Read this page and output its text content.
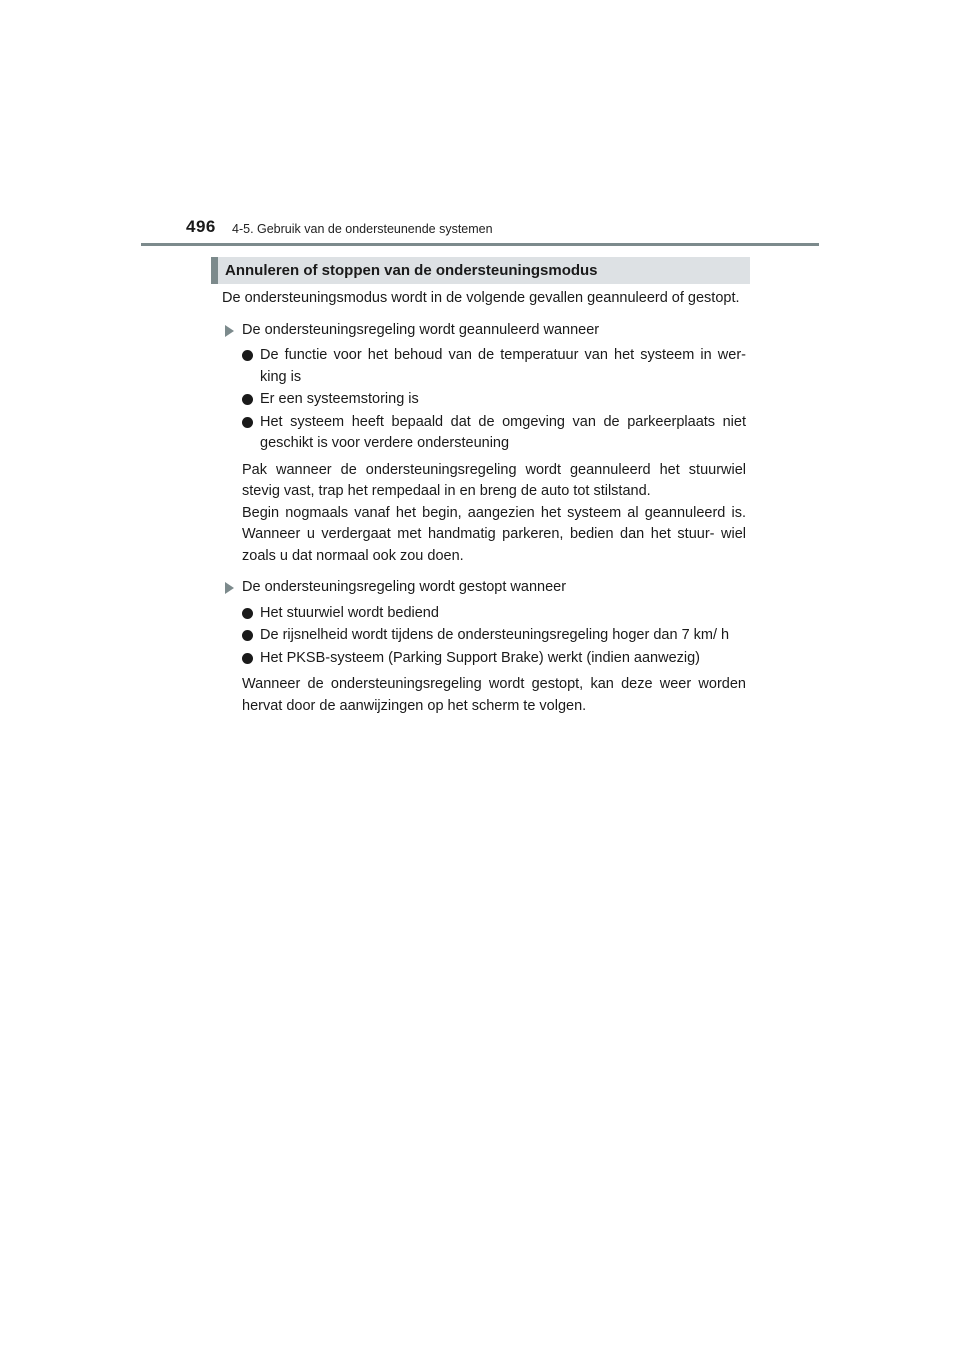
496 4-5. Gebruik van de ondersteunende systemen
Annuleren of stoppen van de ondersteuningsmodus

De ondersteuningsmodus wordt in de volgende gevallen geannuleerd of gestopt.

De ondersteuningsregeling wordt geannuleerd wanneer
De functie voor het behoud van de temperatuur van het systeem in wer- king is
Er een systeemstoring is
Het systeem heeft bepaald dat de omgeving van de parkeerplaats niet geschikt is voor verdere ondersteuning

Pak wanneer de ondersteuningsregeling wordt geannuleerd het stuurwiel stevig vast, trap het rempedaal in en breng de auto tot stilstand.

Begin nogmaals vanaf het begin, aangezien het systeem al geannuleerd is. Wanneer u verdergaat met handmatig parkeren, bedien dan het stuur- wiel zoals u dat normaal ook zou doen.

De ondersteuningsregeling wordt gestopt wanneer
Het stuurwiel wordt bediend
De rijsnelheid wordt tijdens de ondersteuningsregeling hoger dan 7 km/ h
Het PKSB-systeem (Parking Support Brake) werkt (indien aanwezig)

Wanneer de ondersteuningsregeling wordt gestopt, kan deze weer worden hervat door de aanwijzingen op het scherm te volgen.
